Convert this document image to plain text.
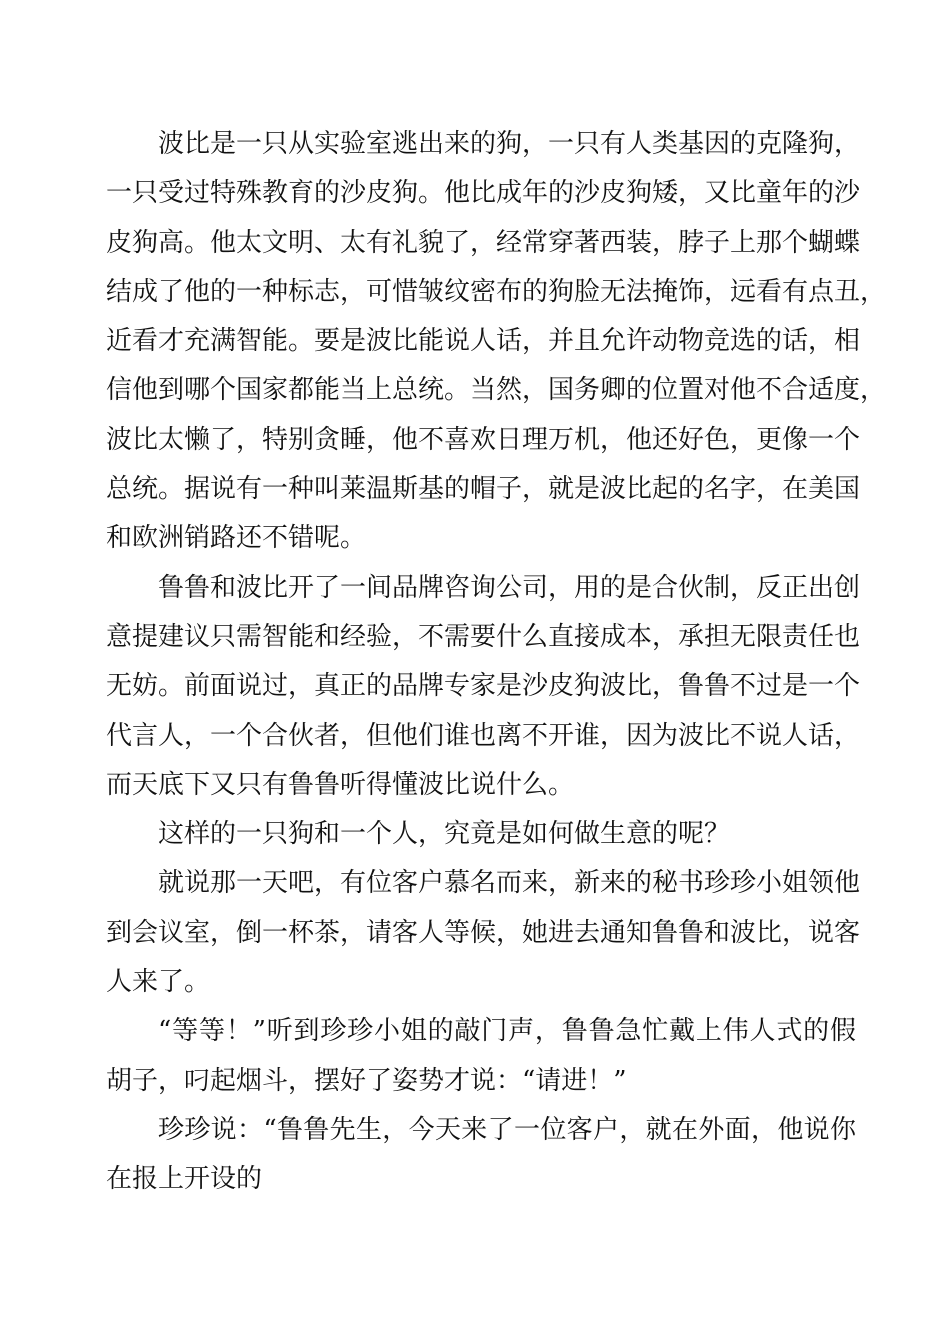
波比是一只从实验室逃出来的狗，一只有人类基因的克隆狗，
一只受过特殊教育的沙皮狗。他比成年的沙皮狗矮，又比童年的沙
皮狗高。他太文明、太有礼貌了，经常穿著西装，脖子上那个蝴蝶
结成了他的一种标志，可惜皱纹密布的狗脸无法掩饰，远看有点丑，
近看才充满智能。要是波比能说人话，并且允许动物竞选的话，相
信他到哪个国家都能当上总统。当然，国务卿的位置对他不合适度，
波比太懒了，特别贪睡，他不喜欢日理万机，他还好色，更像一个
总统。据说有一种叫莱温斯基的帽子，就是波比起的名字，在美国
和欧洲销路还不错呢。
鲁鲁和波比开了一间品牌咨询公司，用的是合伙制，反正出创
意提建议只需智能和经验，不需要什么直接成本，承担无限责任也
无妨。前面说过，真正的品牌专家是沙皮狗波比，鲁鲁不过是一个
代言人，一个合伙者，但他们谁也离不开谁，因为波比不说人话，
而天底下又只有鲁鲁听得懂波比说什么。
这样的一只狗和一个人，究竟是如何做生意的呢？
就说那一天吧，有位客户慕名而来，新来的秘书珍珍小姐领他
到会议室，倒一杯茶，请客人等候，她进去通知鲁鲁和波比，说客
人来了。
“等等！”听到珍珍小姐的敲门声，鲁鲁急忙戴上伟人式的假
胡子，叼起烟斗，摆好了姿势才说：“请进！”
珍珍说：“鲁鲁先生，今天来了一位客户，就在外面，他说你
在报上开设的
